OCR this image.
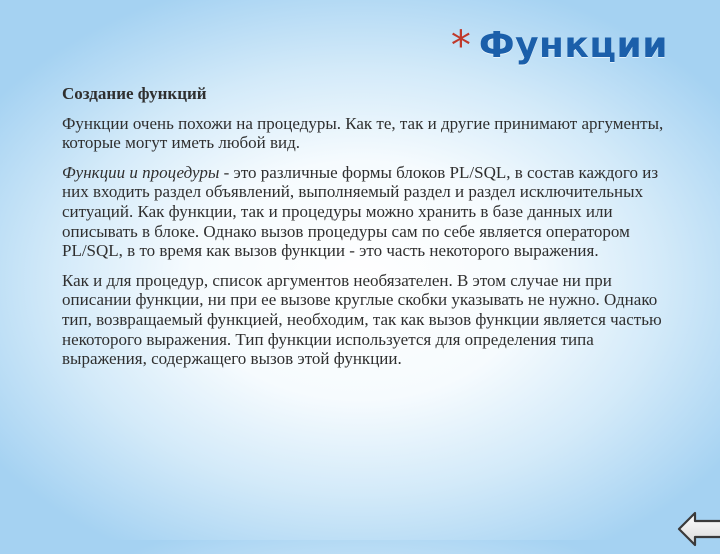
* Функции

Создание функций

Функции очень похожи на процедуры. Как те, так и другие принимают аргументы, которые могут иметь любой вид.

Функции и процедуры - это различные формы блоков PL/SQL, в состав каждого из них входить раздел объявлений, выполняемый раздел и раздел исключительных ситуаций. Как функции, так и процедуры можно хранить в базе данных или описывать в блоке. Однако вызов процедуры сам по себе является оператором PL/SQL, в то время как вызов функции - это часть некоторого выражения.

Как и для процедур, список аргументов необязателен. В этом случае ни при описании функции, ни при ее вызове круглые скобки указывать не нужно. Однако тип, возвращаемый функцией, необходим, так как вызов функции является частью некоторого выражения. Тип функции используется для определения типа выражения, содержащего вызов этой функции.
